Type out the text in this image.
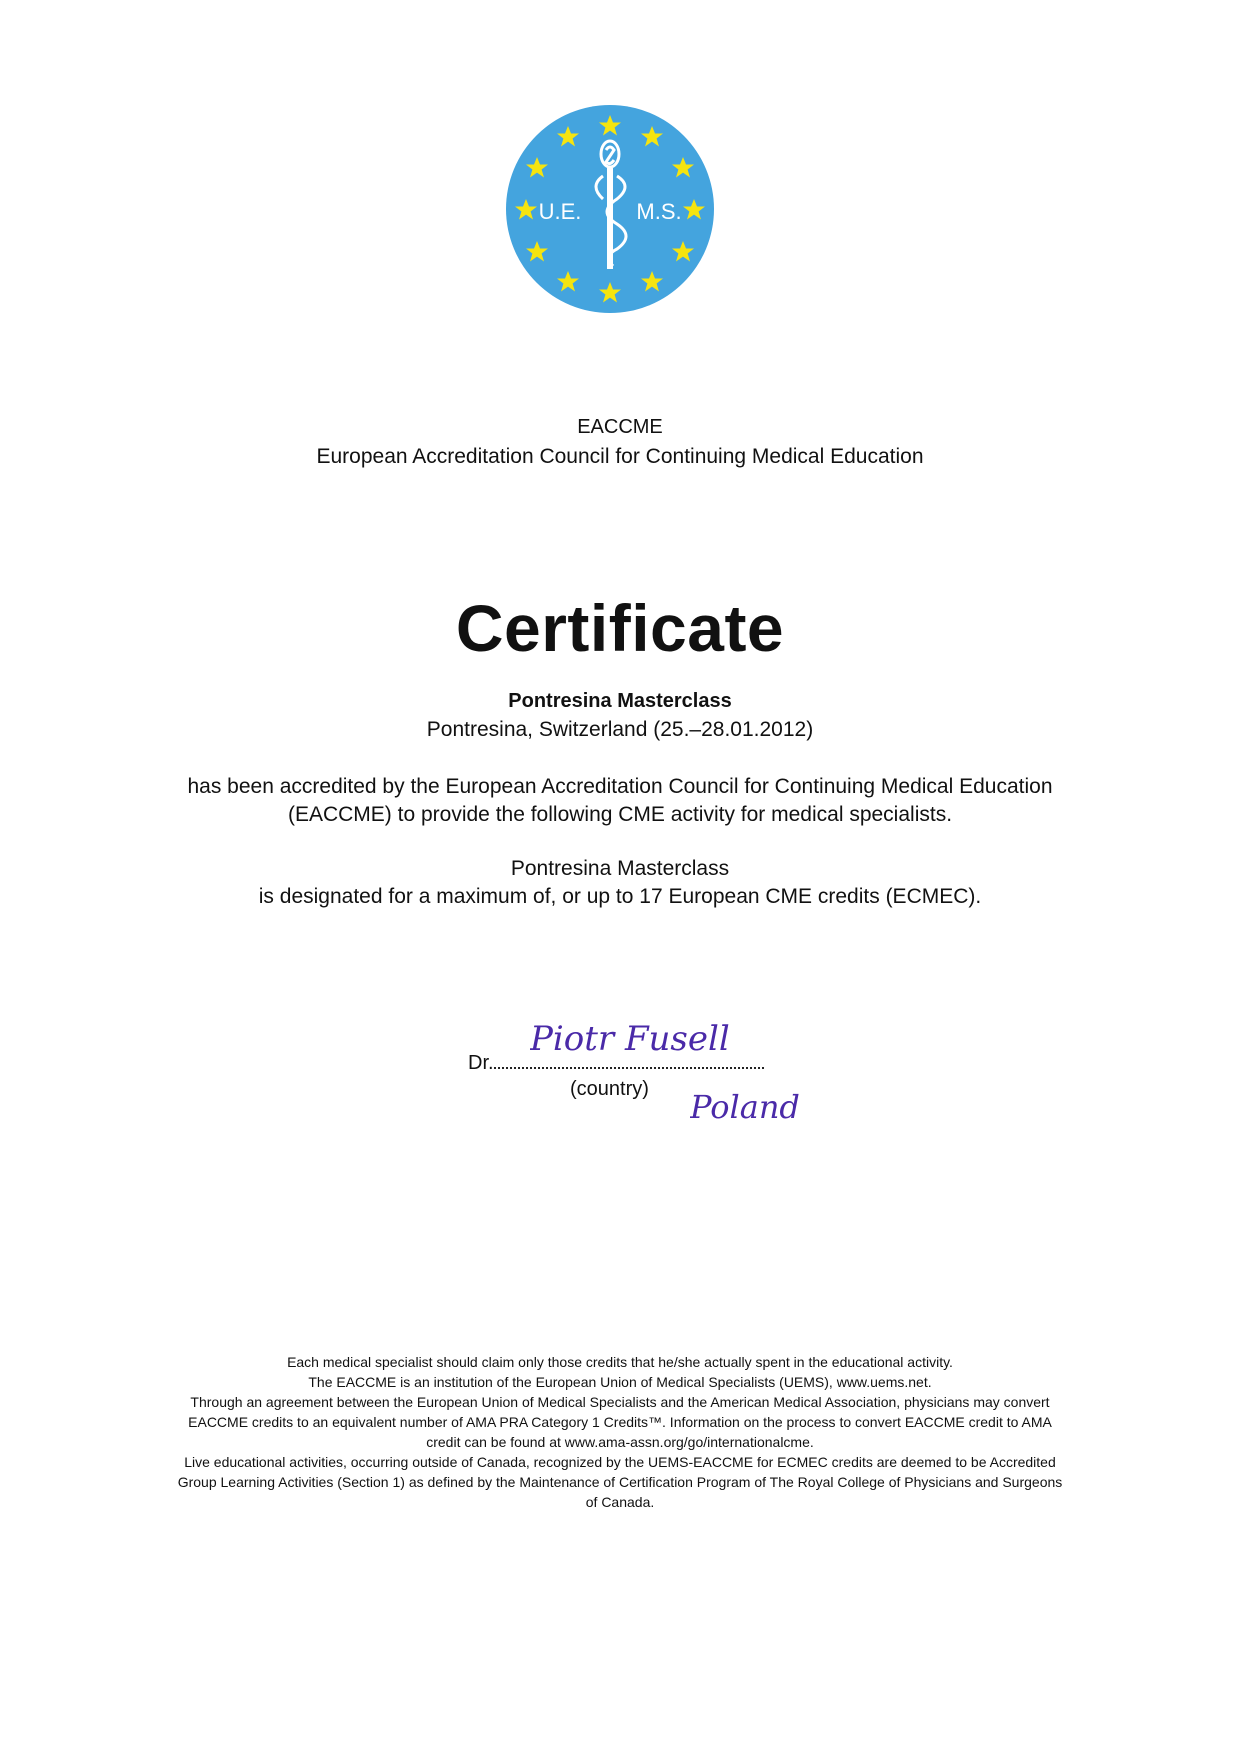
U.E. M.S.
EACCME
European Accreditation Council for Continuing Medical Education
Certificate
Pontresina Masterclass
Pontresina, Switzerland (25.–28.01.2012)
has been accredited by the European Accreditation Council for Continuing Medical Education
(EACCME) to provide the following CME activity for medical specialists.
Pontresina Masterclass
is designated for a maximum of, or up to 17 European CME credits (ECMEC).
Dr.
Piotr Fusell
(country) Poland

Each medical specialist should claim only those credits that he/she actually spent in the educational activity.

The EACCME is an institution of the European Union of Medical Specialists (UEMS), www.uems.net.

Through an agreement between the European Union of Medical Specialists and the American Medical Association, physicians may convert

EACCME credits to an equivalent number of AMA PRA Category 1 Credits™. Information on the process to convert EACCME credit to AMA

credit can be found at www.ama-assn.org/go/internationalcme.

Live educational activities, occurring outside of Canada, recognized by the UEMS-EACCME for ECMEC credits are deemed to be Accredited

Group Learning Activities (Section 1) as defined by the Maintenance of Certification Program of The Royal College of Physicians and Surgeons

of Canada.
